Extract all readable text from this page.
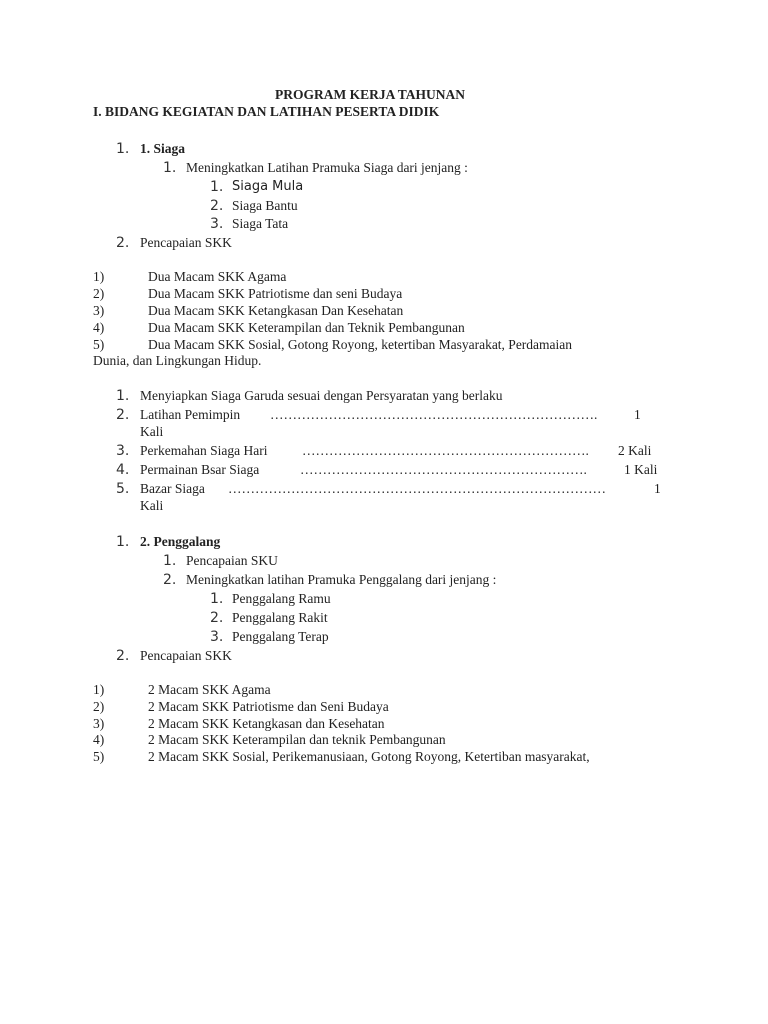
PROGRAM KERJA TAHUNAN
I. BIDANG KEGIATAN DAN LATIHAN PESERTA DIDIK
1. 1. Siaga
1. Meningkatkan Latihan Pramuka Siaga dari jenjang :
1. Siaga Mula
2. Siaga Bantu
3. Siaga Tata
2. Pencapaian SKK
1)	Dua Macam SKK Agama
2)	Dua Macam SKK Patriotisme dan seni Budaya
3)	Dua Macam SKK Ketangkasan Dan Kesehatan
4)	Dua Macam SKK Keterampilan dan Teknik Pembangunan
5)	Dua Macam SKK Sosial, Gotong Royong, ketertiban Masyarakat, Perdamaian
Dunia, dan Lingkungan Hidup.
1. Menyiapkan Siaga Garuda sesuai dengan Persyaratan yang berlaku
2. Latihan Pemimpin ……………………………………………………………….	1
Kali
3. Perkemahan Siaga Hari	………………………………………………………. 2 Kali
4. Permainan Bsar Siaga	……………………………………………………….	1 Kali
5. Bazar Siaga …………………………………………………………………………	1
Kali
1. 2. Penggalang
1. Pencapaian SKU
2. Meningkatkan latihan Pramuka Penggalang dari jenjang :
1. Penggalang Ramu
2. Penggalang Rakit
3. Penggalang Terap
2. Pencapaian SKK
1)	2 Macam SKK Agama
2)	2 Macam SKK Patriotisme dan Seni Budaya
3)	2 Macam SKK Ketangkasan dan Kesehatan
4)	2 Macam SKK Keterampilan dan teknik Pembangunan
5)	2 Macam SKK Sosial, Perikemanusiaan, Gotong Royong, Ketertiban masyarakat,
